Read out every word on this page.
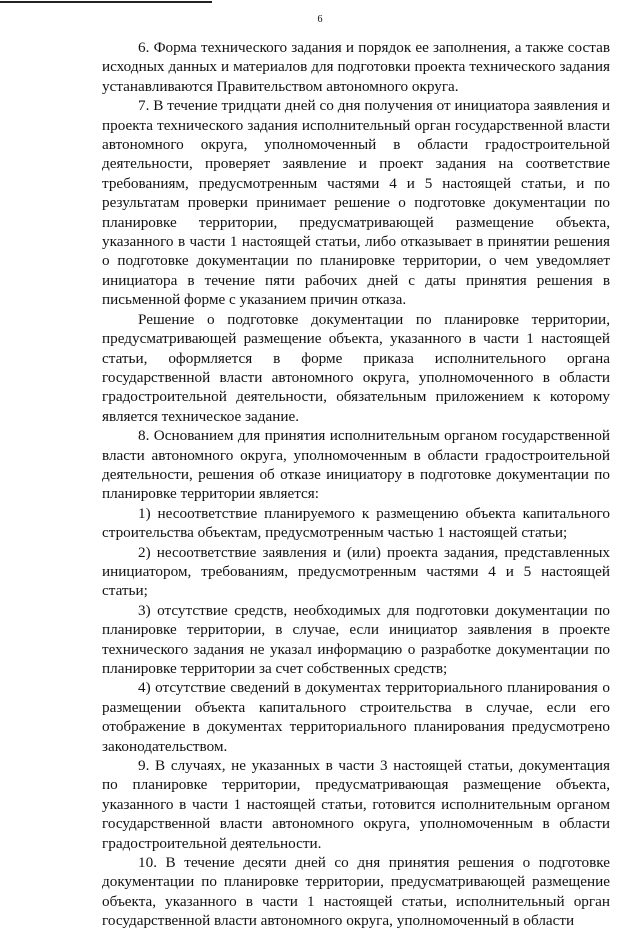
6

6. Форма технического задания и порядок ее заполнения, а также состав исходных данных и материалов для подготовки проекта технического задания устанавливаются Правительством автономного округа.

7. В течение тридцати дней со дня получения от инициатора заявления и проекта технического задания исполнительный орган государственной власти автономного округа, уполномоченный в области градостроительной деятельности, проверяет заявление и проект задания на соответствие требованиям, предусмотренным частями 4 и 5 настоящей статьи, и по результатам проверки принимает решение о подготовке документации по планировке территории, предусматривающей размещение объекта, указанного в части 1 настоящей статьи, либо отказывает в принятии решения о подготовке документации по планировке территории, о чем уведомляет инициатора в течение пяти рабочих дней с даты принятия решения в письменной форме с указанием причин отказа.

Решение о подготовке документации по планировке территории, предусматривающей размещение объекта, указанного в части 1 настоящей статьи, оформляется в форме приказа исполнительного органа государственной власти автономного округа, уполномоченного в области градостроительной деятельности, обязательным приложением к которому является техническое задание.

8. Основанием для принятия исполнительным органом государственной власти автономного округа, уполномоченным в области градостроительной деятельности, решения об отказе инициатору в подготовке документации по планировке территории является:

1) несоответствие планируемого к размещению объекта капитального строительства объектам, предусмотренным частью 1 настоящей статьи;

2) несоответствие заявления и (или) проекта задания, представленных инициатором, требованиям, предусмотренным частями 4 и 5 настоящей статьи;

3) отсутствие средств, необходимых для подготовки документации по планировке территории, в случае, если инициатор заявления в проекте технического задания не указал информацию о разработке документации по планировке территории за счет собственных средств;

4) отсутствие сведений в документах территориального планирования о размещении объекта капитального строительства в случае, если его отображение в документах территориального планирования предусмотрено законодательством.

9. В случаях, не указанных в части 3 настоящей статьи, документация по планировке территории, предусматривающая размещение объекта, указанного в части 1 настоящей статьи, готовится исполнительным органом государственной власти автономного округа, уполномоченным в области градостроительной деятельности.

10. В течение десяти дней со дня принятия решения о подготовке документации по планировке территории, предусматривающей размещение объекта, указанного в части 1 настоящей статьи, исполнительный орган государственной власти автономного округа, уполномоченный в области
